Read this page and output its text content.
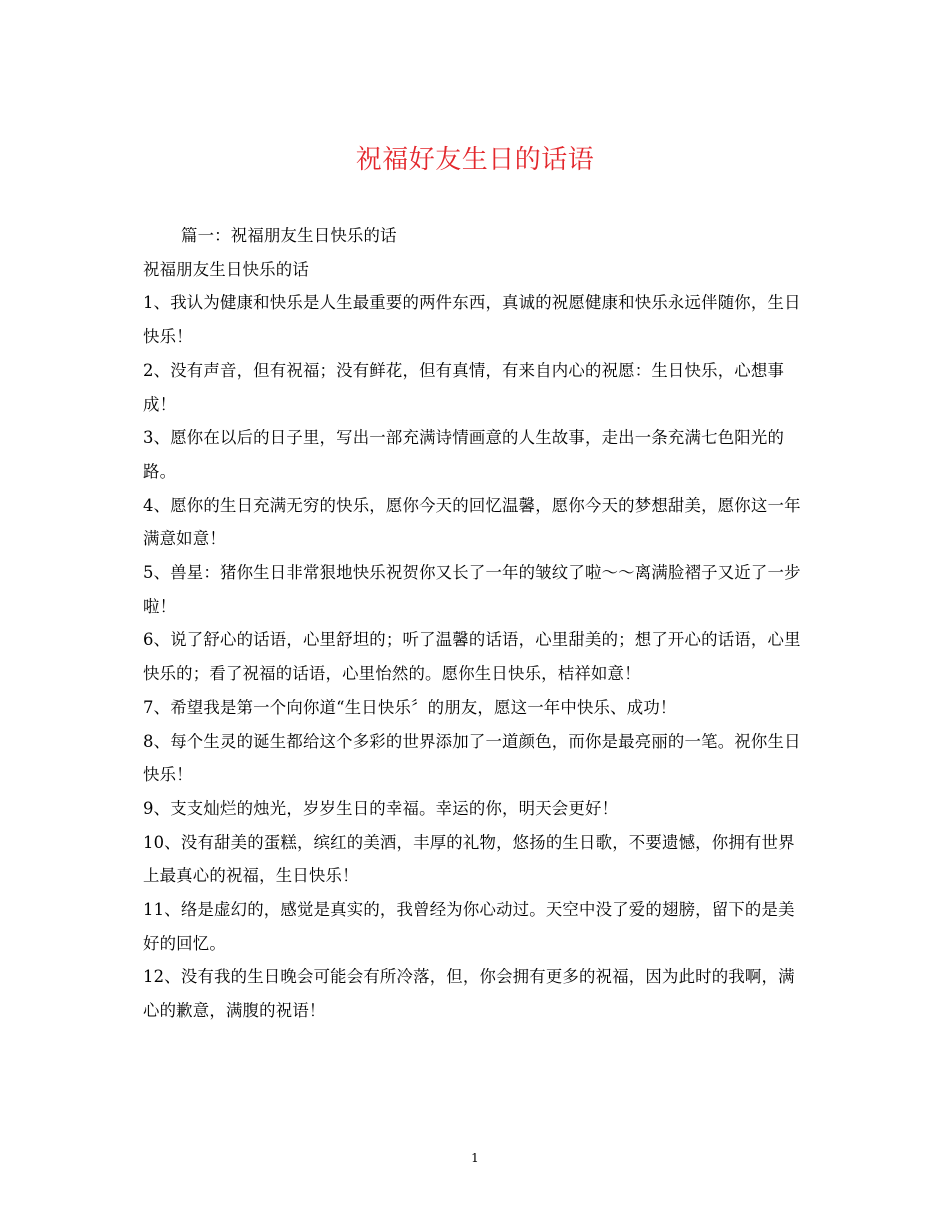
祝福好友生日的话语

篇一：祝福朋友生日快乐的话

祝福朋友生日快乐的话

1、我认为健康和快乐是人生最重要的两件东西，真诚的祝愿健康和快乐永远伴随你，生日快乐！

2、没有声音，但有祝福；没有鲜花，但有真情，有来自内心的祝愿：生日快乐，心想事成！

3、愿你在以后的日子里，写出一部充满诗情画意的人生故事，走出一条充满七色阳光的路。

4、愿你的生日充满无穷的快乐，愿你今天的回忆温馨，愿你今天的梦想甜美，愿你这一年满意如意！

5、兽星：猪你生日非常狠地快乐祝贺你又长了一年的皱纹了啦～～离满脸褶子又近了一步啦！

6、说了舒心的话语，心里舒坦的；听了温馨的话语，心里甜美的；想了开心的话语，心里快乐的；看了祝福的话语，心里怡然的。愿你生日快乐，桔祥如意！

7、希望我是第一个向你道“生日快乐〞的朋友，愿这一年中快乐、成功！

8、每个生灵的诞生都给这个多彩的世界添加了一道颜色，而你是最亮丽的一笔。祝你生日快乐！

9、支支灿烂的烛光，岁岁生日的幸福。幸运的你，明天会更好！

10、没有甜美的蛋糕，缤红的美酒，丰厚的礼物，悠扬的生日歌，不要遗憾，你拥有世界上最真心的祝福，生日快乐！

11、络是虚幻的，感觉是真实的，我曾经为你心动过。天空中没了爱的翅膀，留下的是美好的回忆。

12、没有我的生日晚会可能会有所冷落，但，你会拥有更多的祝福，因为此时的我啊，满心的歉意，满腹的祝语！

1
